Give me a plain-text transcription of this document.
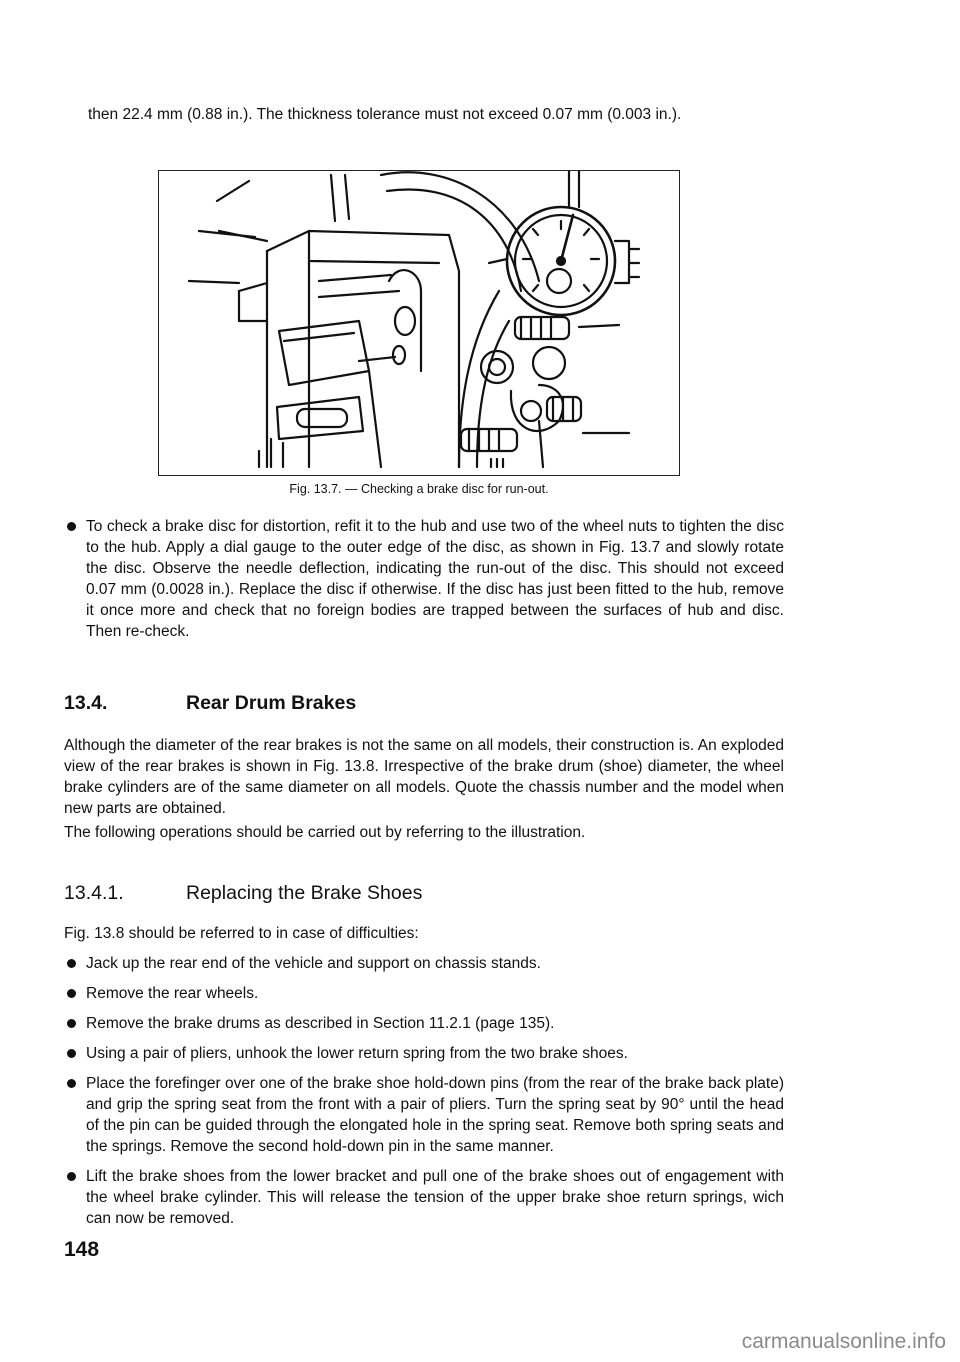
then 22.4 mm (0.88 in.). The thickness tolerance must not exceed 0.07 mm (0.003 in.).

Fig. 13.7. — Checking a brake disc for run-out.
To check a brake disc for distortion, refit it to the hub and use two of the wheel nuts to tighten the disc to the hub. Apply a dial gauge to the outer edge of the disc, as shown in Fig. 13.7 and slowly rotate the disc. Observe the needle deflection, indicating the run-out of the disc. This should not exceed 0.07 mm (0.0028 in.). Replace the disc if otherwise. If the disc has just been fitted to the hub, remove it once more and check that no foreign bodies are trapped between the surfaces of hub and disc. Then re-check.
13.4.	Rear Drum Brakes

Although the diameter of the rear brakes is not the same on all models, their construction is. An exploded view of the rear brakes is shown in Fig. 13.8. Irrespective of the brake drum (shoe) diameter, the wheel brake cylinders are of the same diameter on all models. Quote the chassis number and the model when new parts are obtained.

The following operations should be carried out by referring to the illustration.

13.4.1.	Replacing the Brake Shoes

Fig. 13.8 should be referred to in case of difficulties:

Jack up the rear end of the vehicle and support on chassis stands.
Remove the rear wheels.
Remove the brake drums as described in Section 11.2.1 (page 135).
Using a pair of pliers, unhook the lower return spring from the two brake shoes.
Place the forefinger over one of the brake shoe hold-down pins (from the rear of the brake back plate) and grip the spring seat from the front with a pair of pliers. Turn the spring seat by 90° until the head of the pin can be guided through the elongated hole in the spring seat. Remove both spring seats and the springs. Remove the second hold-down pin in the same manner.
Lift the brake shoes from the lower bracket and pull one of the brake shoes out of engagement with the wheel brake cylinder. This will release the tension of the upper brake shoe return springs, wich can now be removed.
148
carmanualsonline.info
